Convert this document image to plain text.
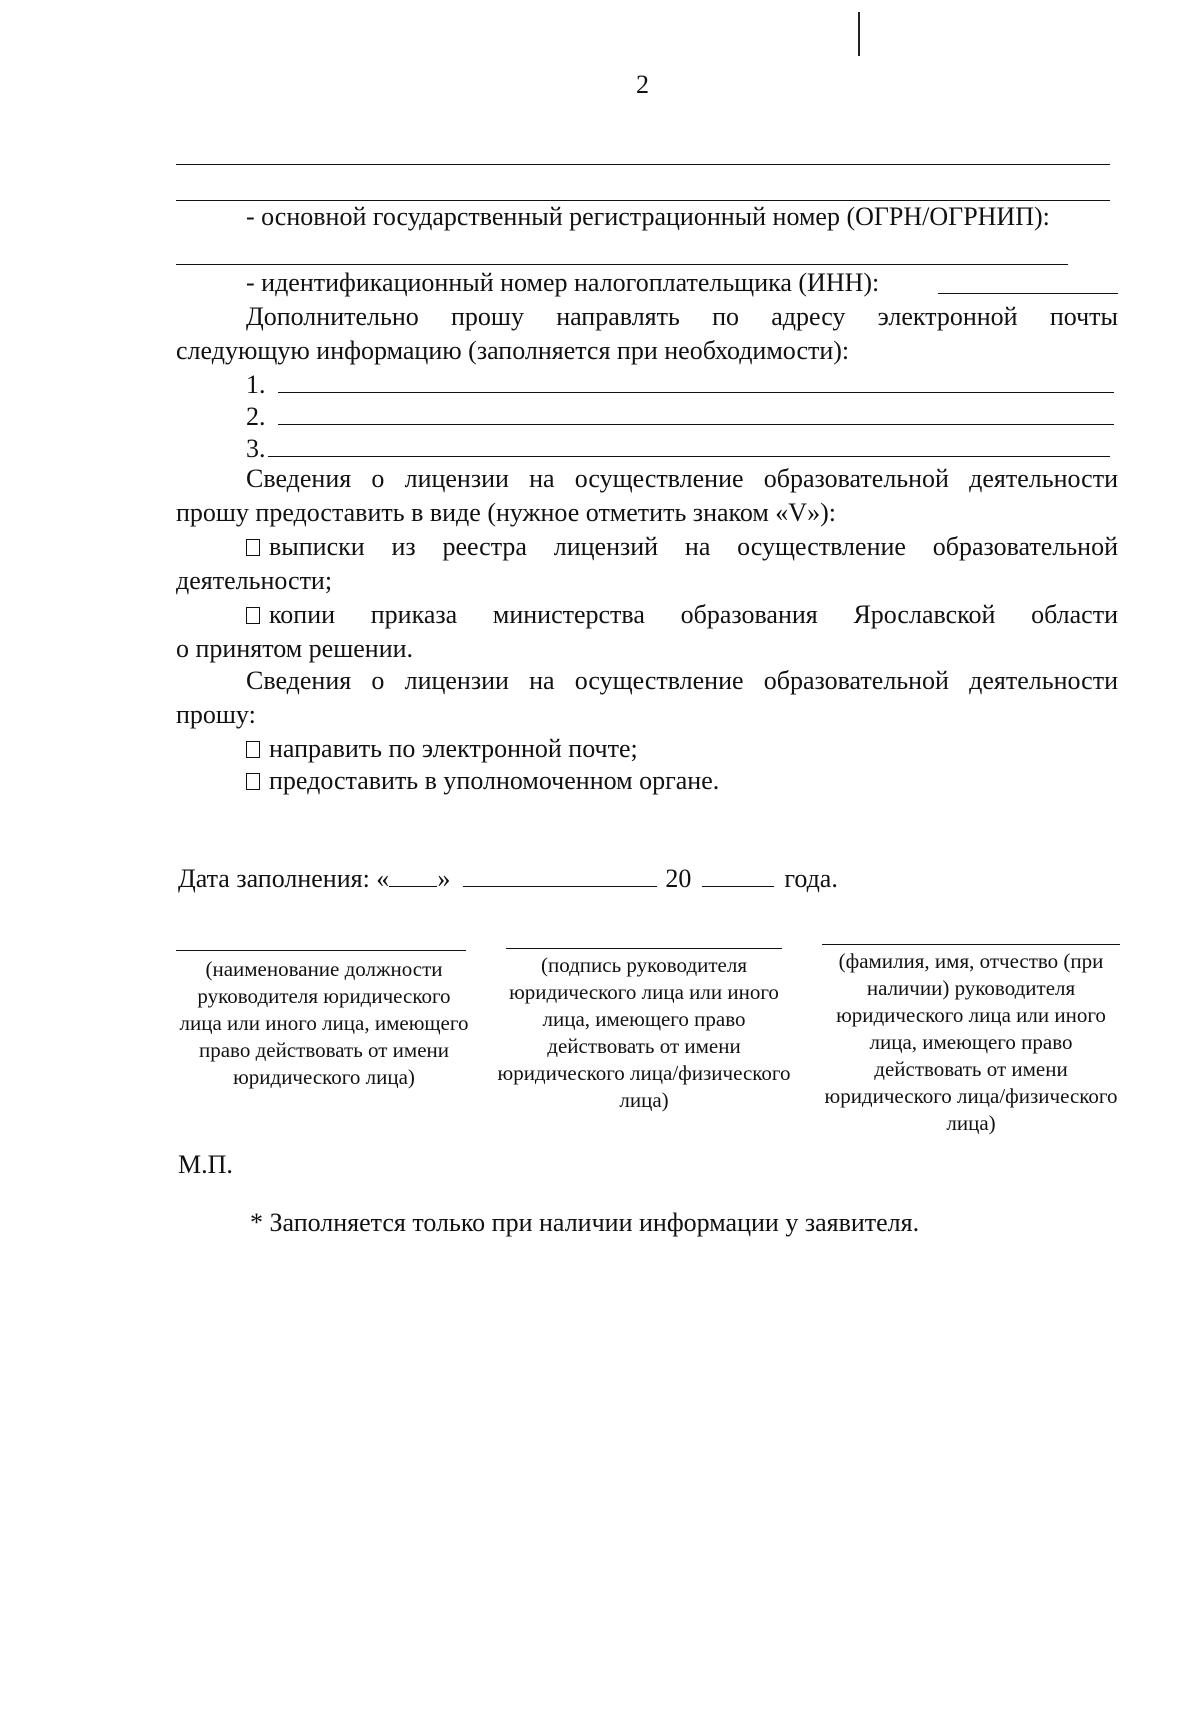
2
- основной государственный регистрационный номер (ОГРН/ОГРНИП):
- идентификационный номер налогоплательщика (ИНН):
Дополнительно прошу направлять по адресу электронной почты
следующую информацию (заполняется при необходимости):
1.
2.
3.
Сведения о лицензии на осуществление образовательной деятельности
прошу предоставить в виде (нужное отметить знаком «V»):
выписки из реестра лицензий на осуществление образовательной
деятельности;
копии приказа министерства образования Ярославской области
о принятом решении.
Сведения о лицензии на осуществление образовательной деятельности
прошу:
направить по электронной почте;
предоставить в уполномоченном органе.
Дата заполнения: « »	20	года.
(наименование должности руководителя юридического лица или иного лица, имеющего право действовать от имени юридического лица)
(подпись руководителя юридического лица или иного лица, имеющего право действовать от имени юридического лица/физического лица)
(фамилия, имя, отчество (при наличии) руководителя юридического лица или иного лица, имеющего право действовать от имени юридического лица/физического лица)
М.П.
* Заполняется только при наличии информации у заявителя.
